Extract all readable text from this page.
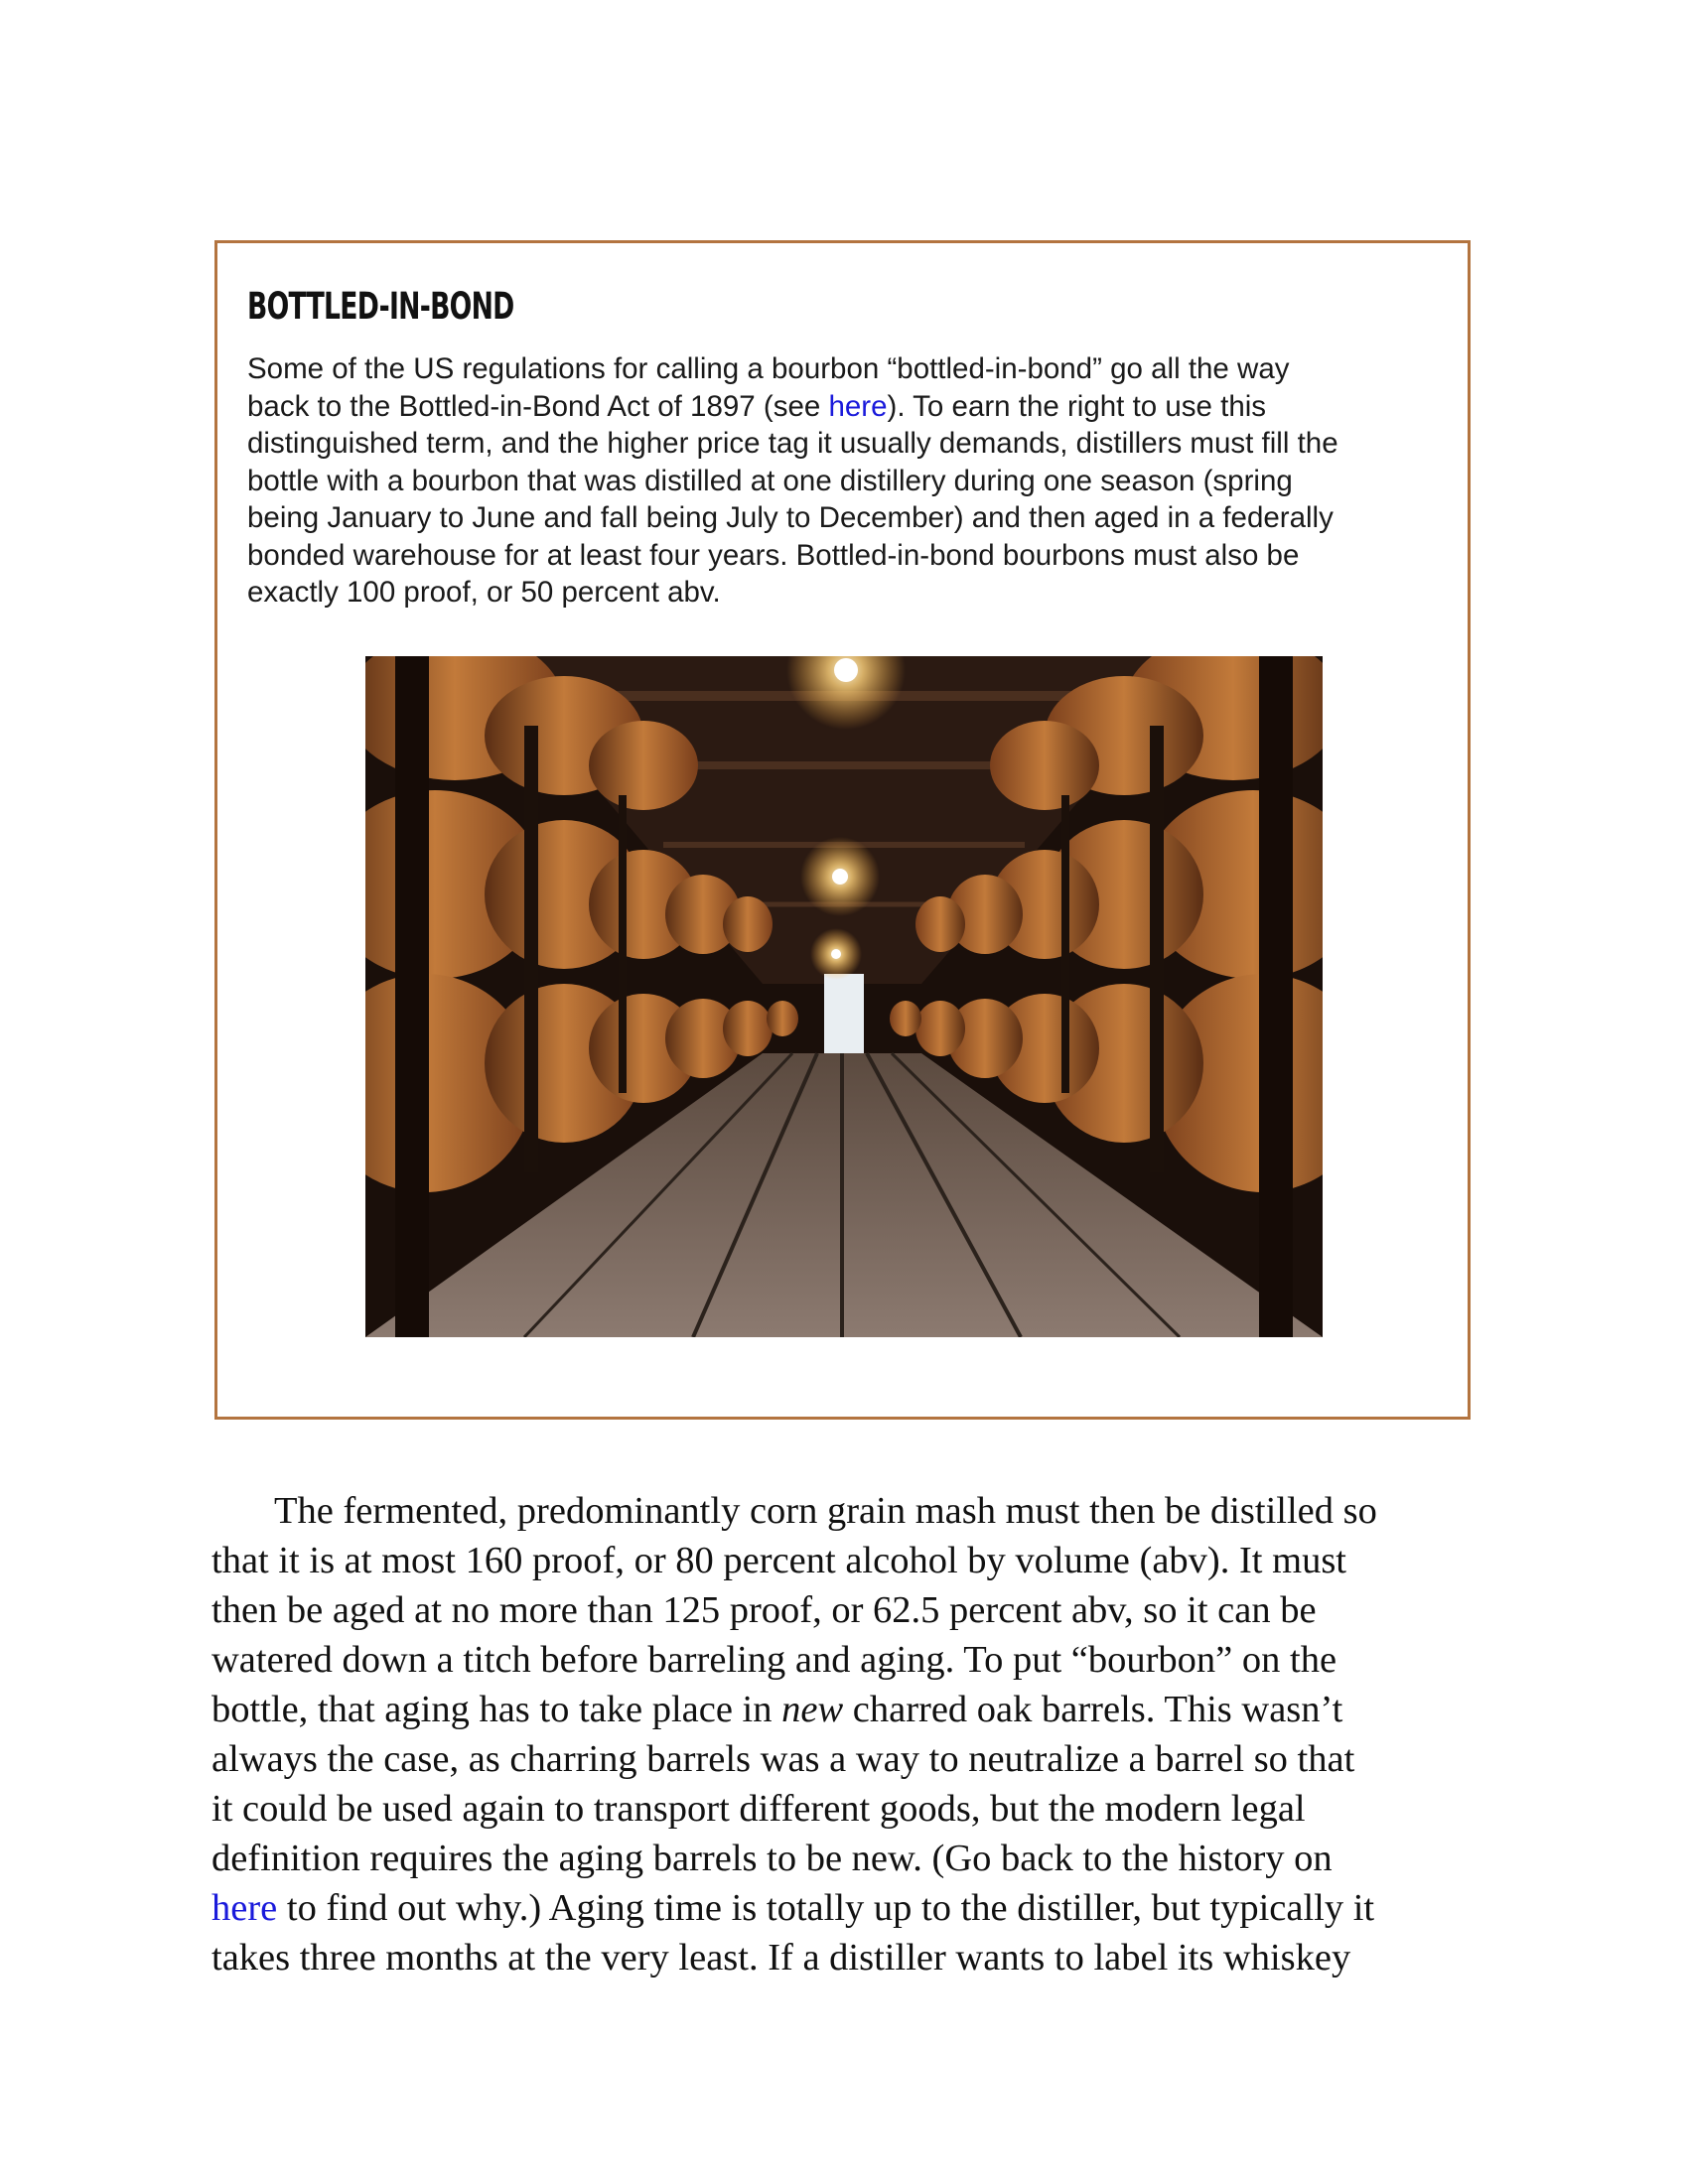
BOTTLED-IN-BOND

Some of the US regulations for calling a bourbon “bottled-in-bond” go all the way
back to the Bottled-in-Bond Act of 1897 (see here). To earn the right to use this
distinguished term, and the higher price tag it usually demands, distillers must fill the
bottle with a bourbon that was distilled at one distillery during one season (spring
being January to June and fall being July to December) and then aged in a federally
bonded warehouse for at least four years. Bottled-in-bond bourbons must also be
exactly 100 proof, or 50 percent abv.

The fermented, predominantly corn grain mash must then be distilled so
that it is at most 160 proof, or 80 percent alcohol by volume (abv). It must
then be aged at no more than 125 proof, or 62.5 percent abv, so it can be
watered down a titch before barreling and aging. To put “bourbon” on the
bottle, that aging has to take place in new charred oak barrels. This wasn’t
always the case, as charring barrels was a way to neutralize a barrel so that
it could be used again to transport different goods, but the modern legal
definition requires the aging barrels to be new. (Go back to the history on
here to find out why.) Aging time is totally up to the distiller, but typically it
takes three months at the very least. If a distiller wants to label its whiskey
